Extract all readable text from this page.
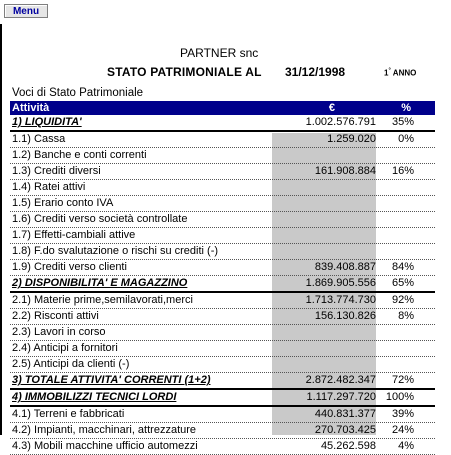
Menu
PARTNER snc
STATO PATRIMONIALE AL 31/12/1998	1° ANNO
Voci di Stato Patrimoniale
Attività	€	%
1) LIQUIDITA'	1.002.576.791 35%
1.1) Cassa	1.259.020 0%
1.2) Banche e conti correnti
1.3) Crediti diversi	161.908.884 16%
1.4) Ratei attivi
1.5) Erario conto IVA
1.6) Crediti verso società controllate
1.7) Effetti-cambiali attive
1.8) F.do svalutazione o rischi su crediti (-)
1.9) Crediti verso clienti	839.408.887 84%
2) DISPONIBILITA' E MAGAZZINO	1.869.905.556 65%
2.1) Materie prime,semilavorati,merci	1.713.774.730 92%
2.2) Risconti attivi	156.130.826 8%
2.3) Lavori in corso
2.4) Anticipi a fornitori
2.5) Anticipi da clienti (-)
3) TOTALE ATTIVITA' CORRENTI (1+2)	2.872.482.347 72%
4) IMMOBILIZZI TECNICI LORDI	1.117.297.720 100%
4.1) Terreni e fabbricati	440.831.377 39%
4.2) Impianti, macchinari, attrezzature	270.703.425 24%
4.3) Mobili macchine ufficio automezzi	45.262.598 4%
